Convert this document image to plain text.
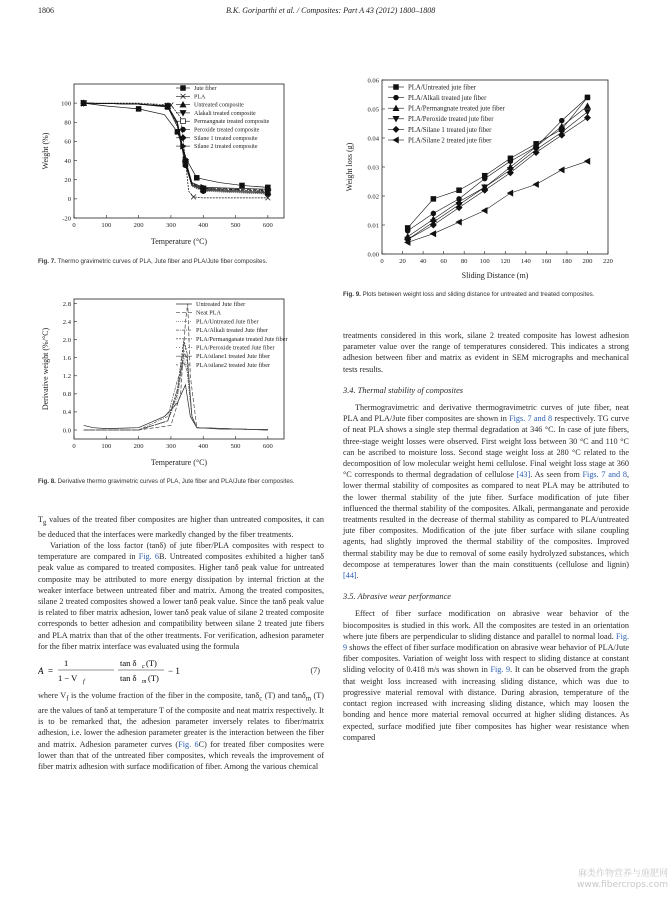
1806	B.K. Goriparthi et al. / Composites: Part A 43 (2012) 1800–1808
0	100	200	300	400	500	600
-20
0
20
40
60
80
100
Temperature (°C)
Weight (%)
Jute fiber
PLA
Untreated composite
Alakali treated composite
Permangnate treated composite
Peroxide treated composite
Silane 1 treated composite
Silane 2 treated composite
Fig. 7. Thermo gravimetric curves of PLA, Jute fiber and PLA/Jute fiber composites.
0	100	200	300	400	500	600
0.0
0.4
0.8
1.2
1.6
2.0
2.4
2.8
Temperature (°C)
Derivative weight (%/°C)
Untreated Jute fiber
Neat PLA
PLA/Untreated Jute fiber
PLA/Alkali treated Jute fiber
PLA/Permanganate treated Jute fiber
PLA/Peroxide treated Jute fiber
PLA/silane1 treated Jute fiber
PLA/silane2 treated Jute fiber
Fig. 8. Derivative thermo gravimetric curves of PLA, Jute fiber and PLA/Jute fiber composites.
0 20 40 60 80 100 120 140 160 180 200 220
0.00
0.01
0.02
0.03
0.04
0.05
0.06
Sliding Distance (m)
Weight loss (g)
PLA/Untreated jute fiber
PLA/Alkali treated jute fiber
PLA/Permangnate treated jute fiber
PLA/Peroxide treated jute fiber
PLA/Silane 1 treated jute fiber
PLA/Silane 2 treated jute fiber
Fig. 9. Plots between weight loss and sliding distance for untreated and treated composites.

$T_g$ values of the treated fiber composites are higher than untreated composites, it can be deduced that the interfaces were markedly changed by the fiber treatments.

Variation of the loss factor (tanδ) of jute fiber/PLA composites with respect to temperature are compared in Fig. 6B. Untreated composites exhibited a higher tanδ peak value as compared to treated composites. Higher tanδ peak value for untreated composite may be attributed to more energy dissipation by internal friction at the weaker interface between untreated fiber and matrix. Among the treated composites, silane 2 treated composites showed a lower tanδ peak value. Since the tanδ peak value is related to fiber matrix adhesion, lower tanδ peak value of silane 2 treated composite corresponds to better adhesion and compatibility between silane 2 treated jute fibers and PLA matrix than that of the other treatments. For verification, adhesion parameter for the fiber matrix interface was evaluated using the formula

A =
1
1 − V f
tan δ c (T)
tan δ m (T)
− 1	(7)

where $V_f$ is the volume fraction of the fiber in the composite, tanδ$_c$ (T) and tanδ$_m$ (T) are the values of tanδ at temperature T of the composite and neat matrix respectively. It is to be remarked that, the adhesion parameter inversely relates to fiber/matrix adhesion, i.e. lower the adhesion parameter greater is the interaction between the fiber and matrix. Adhesion parameter curves (Fig. 6C) for treated fiber composites were lower than that of the untreated fiber composites, which reveals the improvement of fiber matrix adhesion with surface modification of fiber. Among the various chemical

treatments considered in this work, silane 2 treated composite has lowest adhesion parameter value over the range of temperatures considered. This indicates a strong adhesion between fiber and matrix as evident in SEM micrographs and mechanical tests results.

3.4. Thermal stability of composites

Thermogravimetric and derivative thermogravimetric curves of jute fiber, neat PLA and PLA/Jute fiber composites are shown in Figs. 7 and 8 respectively. TG curve of neat PLA shows a single step thermal degradation at 346 °C. In case of jute fibers, three-stage weight losses were observed. First weight loss between 30 °C and 110 °C can be ascribed to moisture loss. Second stage weight loss at 280 °C related to the decomposition of low molecular weight hemi cellulose. Final weight loss stage at 360 °C corresponds to thermal degradation of cellulose [43]. As seen from Figs. 7 and 8, lower thermal stability of composites as compared to neat PLA may be attributed to the lower thermal stability of the jute fiber. Surface modification of jute fiber influenced the thermal stability of the composites. Alkali, permanganate and peroxide treatments resulted in the decrease of thermal stability as compared to PLA/untreated jute fiber composites. Modification of the jute fiber surface with silane coupling agents, had slightly improved the thermal stability of the composites. Improved thermal stability may be due to removal of some easily hydrolyzed substances, which decompose at temperatures lower than the main constituents (cellulose and lignin) [44].

3.5. Abrasive wear performance

Effect of fiber surface modification on abrasive wear behavior of the biocomposites is studied in this work. All the composites are tested in an orientation where jute fibers are perpendicular to sliding distance and parallel to normal load. Fig. 9 shows the effect of fiber surface modification on abrasive wear behavior of PLA/Jute fiber composites. Variation of weight loss with respect to sliding distance at constant sliding velocity of 0.418 m/s was shown in Fig. 9. It can be observed from the graph that weight loss increased with increasing sliding distance, which was due to progressive material removal with distance. During abrasion, temperature of the contact region increased with increasing sliding distance, which may loosen the bonding and hence more material removal occurred at higher sliding distances. As expected, surface modified jute fiber composites has higher wear resistance when compared

麻类作物营养与施肥网
www.fibercrops.com
